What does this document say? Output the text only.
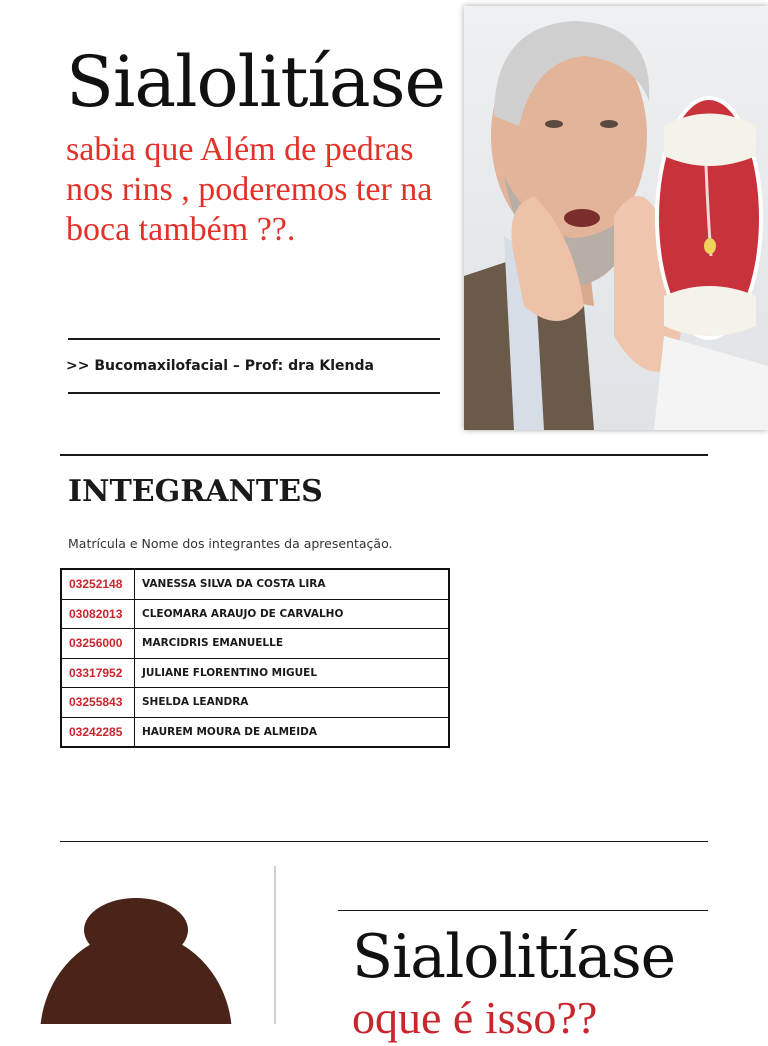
Sialolitíase
sabia que Além de pedras nos rins , poderemos ter na boca também ??.
>> Bucomaxilofacial – Prof: dra Klenda
INTEGRANTES
Matrícula e Nome dos integrantes da apresentação.
03252148	VANESSA SILVA DA COSTA LIRA
03082013	CLEOMARA ARAUJO DE CARVALHO
03256000	MARCIDRIS EMANUELLE
03317952	JULIANE FLORENTINO MIGUEL
03255843	SHELDA LEANDRA
03242285	HAUREM MOURA DE ALMEIDA
Sialolitíase
oque é isso??
